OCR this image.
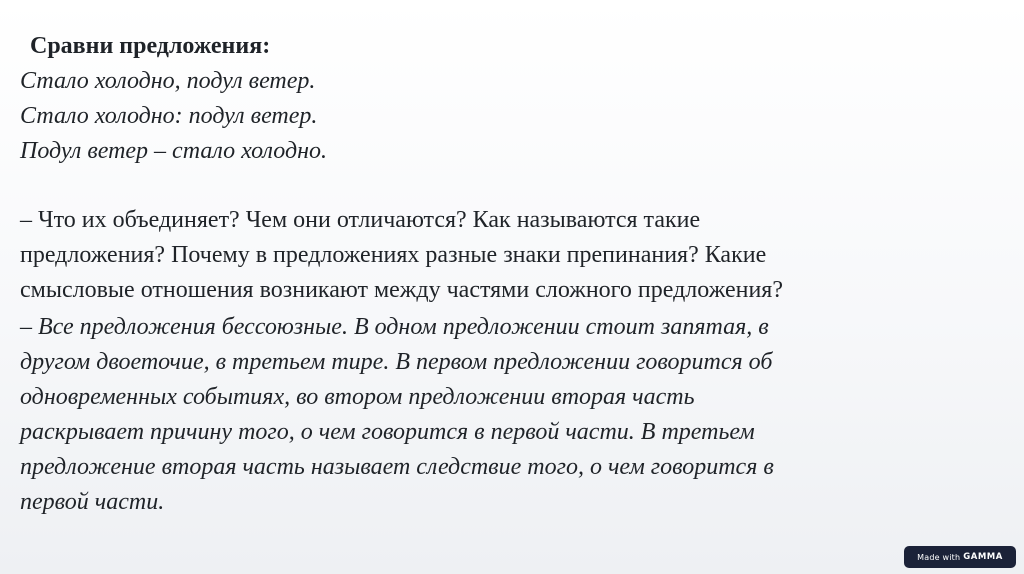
Сравни предложения:
Стало холодно, подул ветер.
Стало холодно: подул ветер.
Подул ветер – стало холодно.
– Что их объединяет? Чем они отличаются? Как называются такие
предложения? Почему в предложениях разные знаки препинания? Какие
смысловые отношения возникают между частями сложного предложения?
– Все предложения бессоюзные. В одном предложении стоит запятая, в
другом двоеточие, в третьем тире. В первом предложении говорится об
одновременных событиях, во втором предложении вторая часть
раскрывает причину того, о чем говорится в первой части. В третьем
предложение вторая часть называет следствие того, о чем говорится в
первой части.
Made with GAMMA
